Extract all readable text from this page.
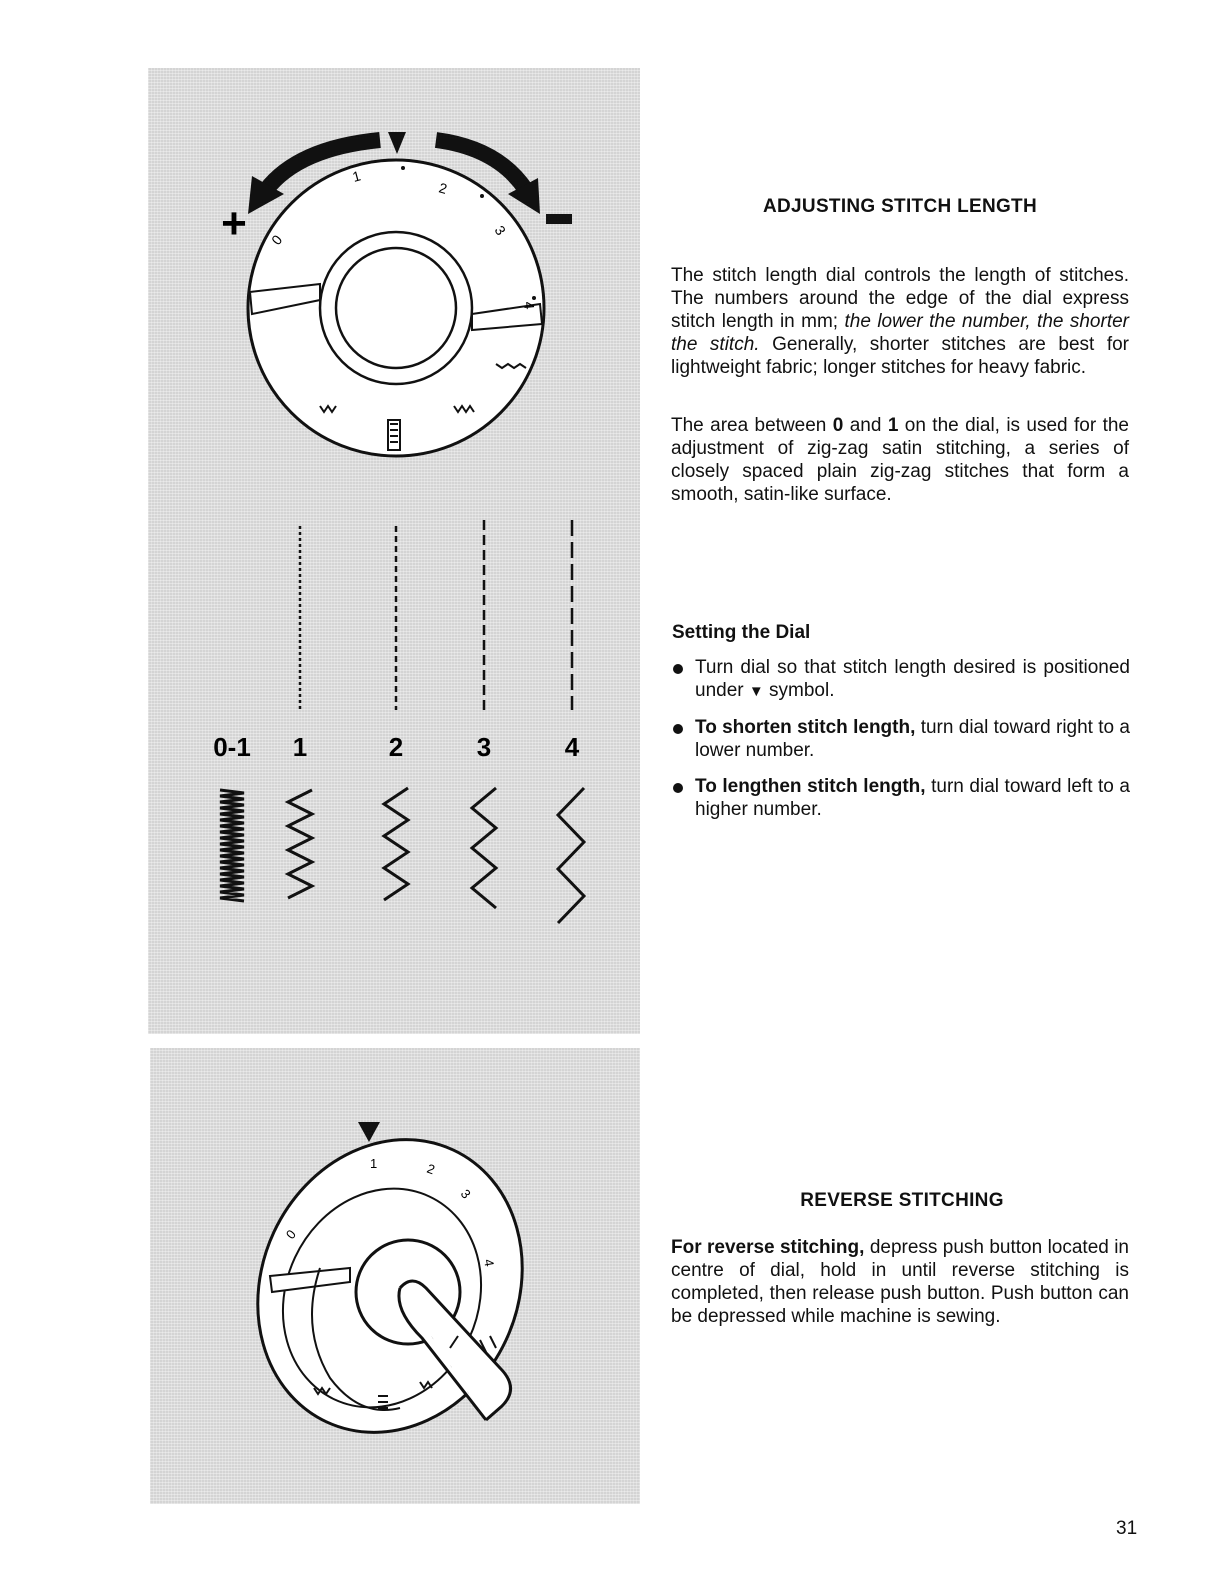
+
1
2
3
4
0
0-1 1	2	3	4
1	2
3
4
0
ADJUSTING STITCH LENGTH

The stitch length dial controls the length of stitches. The numbers around the edge of the dial express stitch length in mm; the lower the number, the shorter the stitch. Generally, shorter stitches are best for lightweight fabric; longer stitches for heavy fabric.

The area between 0 and 1 on the dial, is used for the adjustment of zig-zag satin stitching, a series of closely spaced plain zig-zag stitches that form a smooth, satin-like surface.

Setting the Dial
Turn dial so that stitch length desired is positioned under ▼ symbol.
To shorten stitch length, turn dial toward right to a lower number.
To lengthen stitch length, turn dial toward left to a higher number.
REVERSE STITCHING

For reverse stitching, depress push button located in centre of dial, hold in until reverse stitching is completed, then release push button. Push button can be depressed while machine is sewing.

31
